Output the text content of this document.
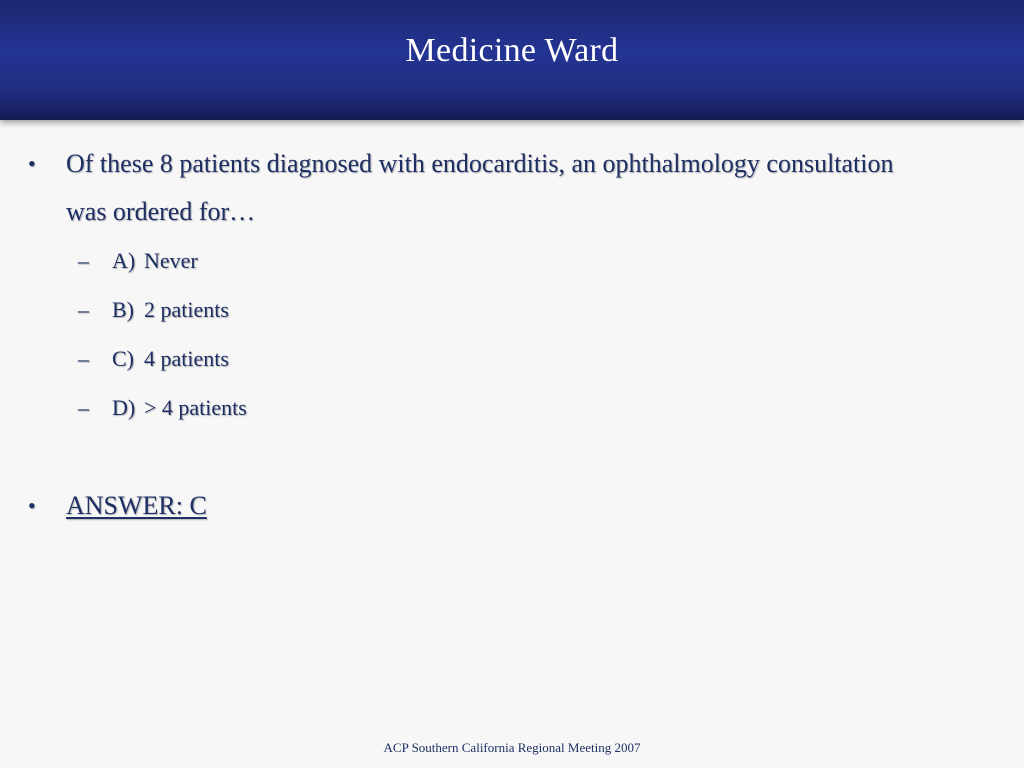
Medicine Ward
• Of these 8 patients diagnosed with endocarditis, an ophthalmology consultation was ordered for…
– A) Never
– B) 2 patients
– C) 4 patients
– D) > 4 patients
• ANSWER: C
ACP Southern California Regional Meeting 2007
